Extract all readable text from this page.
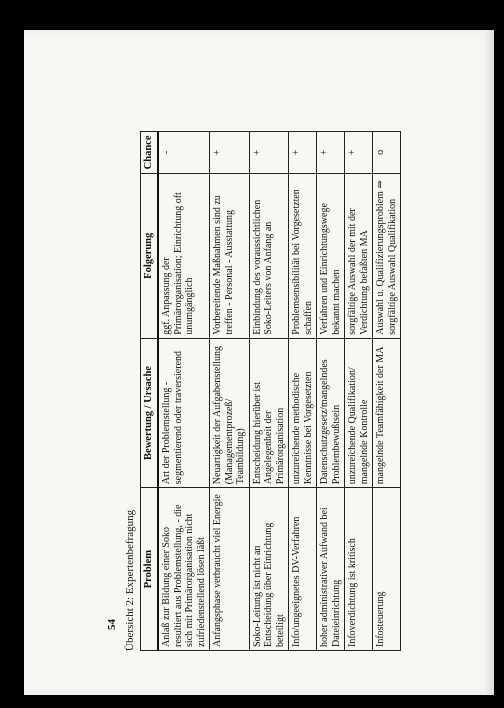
54 Übersicht 2: Expertenbefragung Problem	Bewertung / Ursache	Folgerung	Chance
Anlaß zur Bildung einer Soko resultiert aus Problemstellung, - die sich mit Primärorganisation nicht zufriedenstellend lösen läßt	Art der Problemstellung - segmentierend oder traversierend	ggf. Anpassung der Primärorganisation; Einrichtung oft unumgänglich	-
Anfangsphase verbraucht viel Energie	Neuartigkeit der Aufgabenstellung (Managementprozeß/ Teambildung)	Vorbereitende Maßnahmen sind zu treffen - Personal - Ausstattung	+
Soko-Leitung ist nicht an Entscheidung über Einrichtung beteiligt	Entscheidung hierüber ist Angelegenheit der Primärorganisation	Einbindung des voraussichtlichen Soko-Leiters von Anfang an	+
Info/ungeeignetes DV-Verfahren	unzureichende methodische Kenntnisse bei Vorgesetzten	Problemsensibilität bei Vorgesetzten schaffen	+
hoher administrativer Aufwand bei Dateieinrichtung	Datenschutzgesetz/mangelndes Problembewußtsein	Verfahren und Einrichtungswege bekannt machen	+
Infoverdichtung ist kritisch	unzureichende Qualifikation/ mangelnde Kontrolle	sorgfältige Auswahl der mit der Verdichtung befaßten MA	+
Infosteuerung	mangelnde Teamfähigkeit der MA	Auswahl u. Qualifizierungsproblem ⇒ sorgfältige Auswahl Qualifikation	o
